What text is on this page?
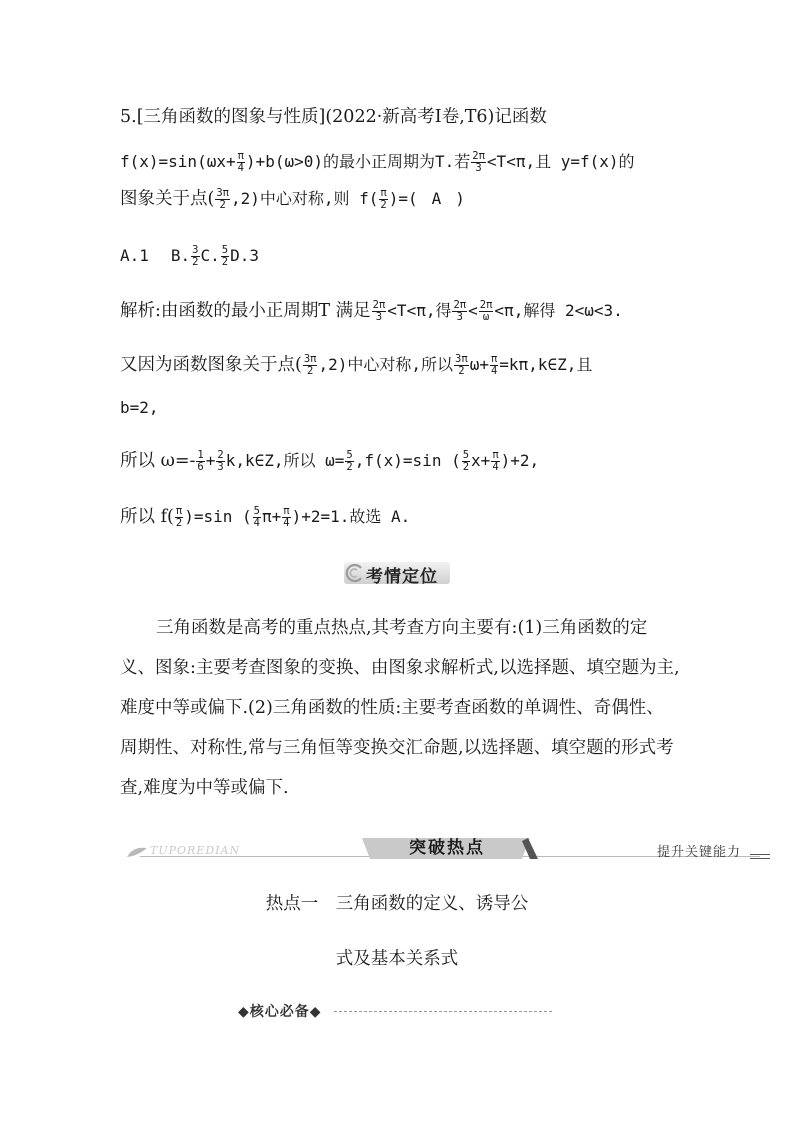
5.[三角函数的图象与性质](2022·新高考Ⅰ卷,T6)记函数
$f(x)=\sin(\omega x+ \frac{\pi}{4} )+b(\omega>0)$的最小正周期为T.若 $\frac{2\pi}{3} <T<\pi$,且 y=f(x)的
图象关于点( $\frac{3\pi}{2} ,2$)中心对称,则 $f( \frac{\pi}{2}$ )=( A )
A.1 B. $\frac{3}{2} C$. $\frac{5}{2} D.3$
解析:由函数的最小正周期T 满足 $\frac{2\pi}{3} <T<\pi$,得 $\frac{2\pi}{3} < \frac{2\pi}{\omega} <\pi$,解得 2<ω<3.
又因为函数图象关于点( $\frac{3\pi}{2} ,2$)中心对称,所以 $\frac{3\pi}{2} \omega+ \frac{\pi}{4}$ =kπ,k∈Z,且
b=2,
所以 $\omega=- \frac{1}{6} + \frac{2}{3}$ k,k∈Z,所以 $\omega= \frac{5}{2} ,f(x)=\sin$ ( $\frac{5}{2} x+ \frac{\pi}{4} )+2$,
所以 $f( \frac{\pi}{2} )=\sin$ ( $\frac{5}{4} \pi+ \frac{\pi}{4} )+2=1$.故选 A.
考情定位
三角函数是高考的重点热点,其考查方向主要有:(1)三角函数的定义、图象:主要考查图象的变换、由图象求解析式,以选择题、填空题为主,难度中等或偏下.(2)三角函数的性质:主要考查函数的单调性、奇偶性、周期性、对称性,常与三角恒等变换交汇命题,以选择题、填空题的形式考查,难度为中等或偏下.
TUPOREDIAN	突破热点	提升关键能力
热点一　三角函数的定义、诱导公
式及基本关系式
◆核心必备◆
